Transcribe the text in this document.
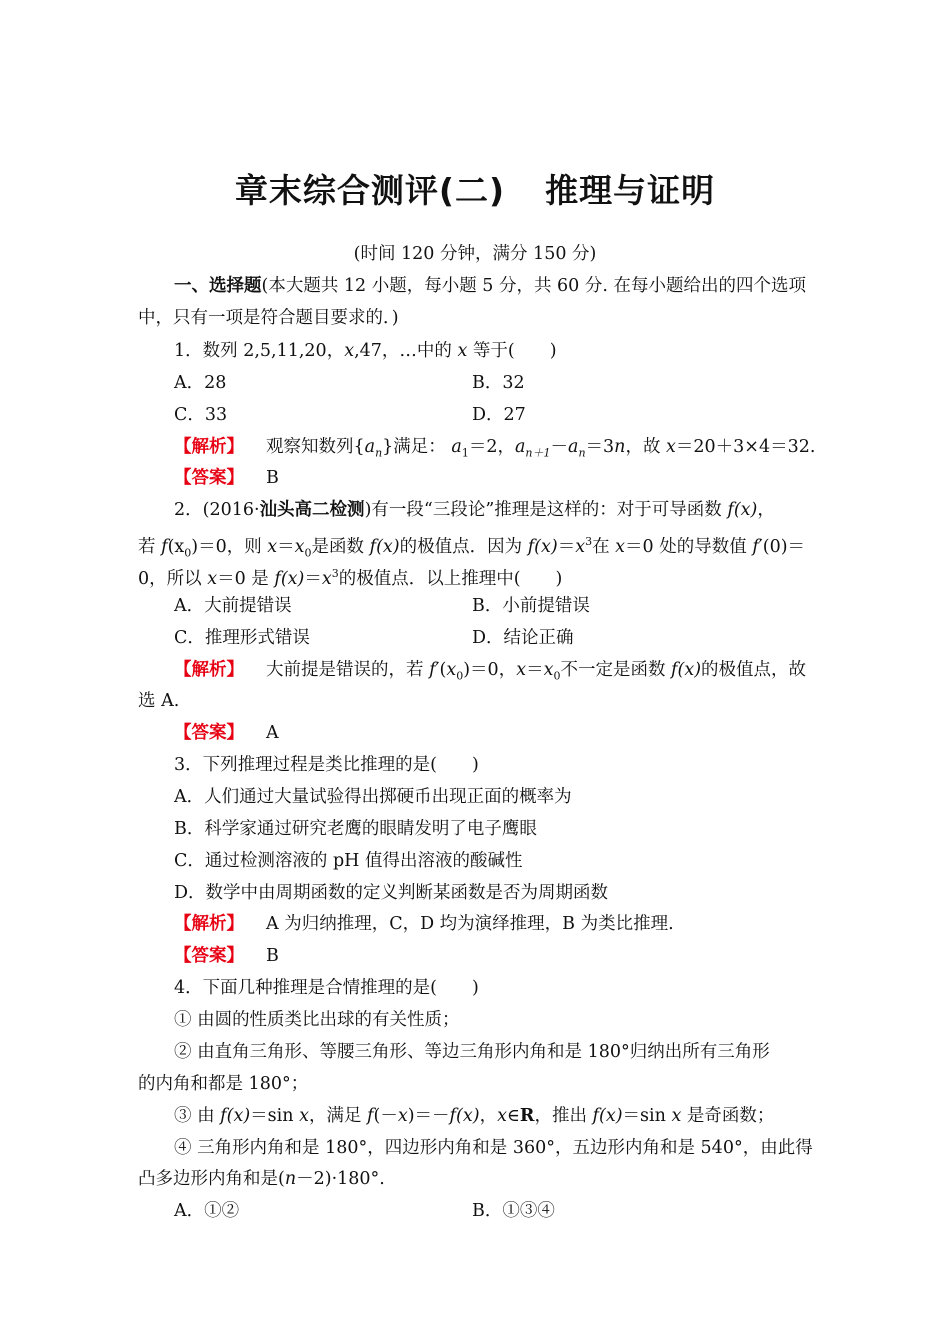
章末综合测评(二) 推理与证明
(时间 120 分钟，满分 150 分)
一、选择题(本大题共 12 小题，每小题 5 分，共 60 分. 在每小题给出的四个选项
中，只有一项是符合题目要求的．)
1．数列 2,5,11,20，x,47，…中的 x 等于(　　)
A．28	B．32
C．33	D．27
【解析】 观察知数列$\{a_n\}$满足： $a_1=2$，$a_{n+1}-a_n=3n$，故 x＝20＋3×4＝32.
【答案】 B
2．(2016·汕头高二检测)有一段“三段论”推理是这样的：对于可导函数 f(x)，
若 $f(x_0)=0$，则 $x=x_0$是函数 f(x)的极值点．因为 $f(x)=x^3$在 x＝0 处的导数值 f′(0)＝
0，所以 x＝0 是 $f(x)=x^3$的极值点．以上推理中(　　)
A．大前提错误	B．小前提错误
C．推理形式错误	D．结论正确
【解析】 大前提是错误的，若 $f'(x_0)=0$，$x=x_0$不一定是函数 f(x)的极值点，故
选 A.
【答案】 A
3．下列推理过程是类比推理的是(　　)
A．人们通过大量试验得出掷硬币出现正面的概率为
B．科学家通过研究老鹰的眼睛发明了电子鹰眼
C．通过检测溶液的 pH 值得出溶液的酸碱性
D．数学中由周期函数的定义判断某函数是否为周期函数
【解析】 A 为归纳推理，C，D 均为演绎推理，B 为类比推理.
【答案】 B
4．下面几种推理是合情推理的是(　　)
① 由圆的性质类比出球的有关性质；
② 由直角三角形、等腰三角形、等边三角形内角和是 180°归纳出所有三角形
的内角和都是 180°；
③ 由 f(x)＝sin x，满足 f(－x)＝－f(x)，x∈R，推出 f(x)＝sin x 是奇函数；
④ 三角形内角和是 180°，四边形内角和是 360°，五边形内角和是 540°，由此得
凸多边形内角和是(n－2)·180°.
A．①②	B．①③④
